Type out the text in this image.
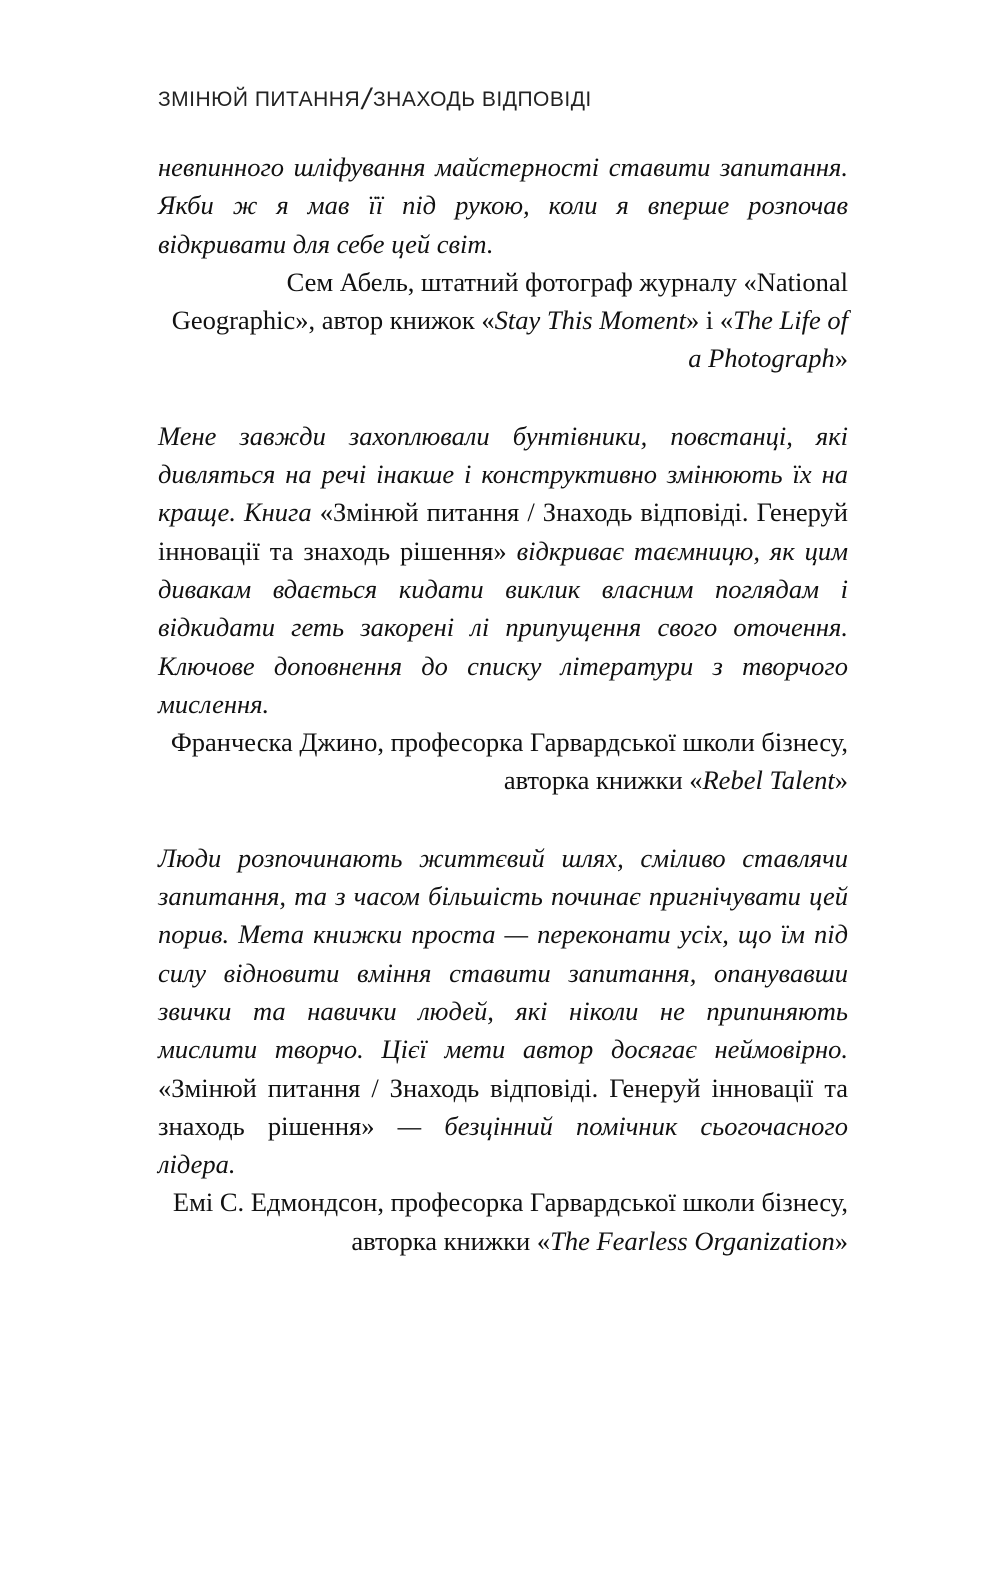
ЗМІНЮЙ ПИТАННЯ/ЗНАХОДЬ ВІДПОВІДІ

невпинного шліфування майстерності ставити запитання. Якби ж я мав її під рукою, коли я вперше розпочав відкривати для себе цей світ.

Сем Абель, штатний фотограф журналу «National Geographic», автор книжок «Stay This Moment» і «The Life of a Photograph»

Мене завжди захоплювали бунтівники, повстанці, які дивляться на речі інакше і конструктивно змінюють їх на краще. Книга «Змінюй питання / Знаходь відповіді. Генеруй інновації та знаходь рішення» відкриває таємницю, як цим дивакам вдається кидати виклик власним поглядам і відкидати геть закорені лі припущення свого оточення. Ключове доповнення до списку літератури з творчого мислення.

Франческа Джино, професорка Гарвардської школи бізнесу, авторка книжки «Rebel Talent»

Люди розпочинають життєвий шлях, сміливо ставлячи запитання, та з часом більшість починає пригнічувати цей порив. Мета книжки проста — переконати усіх, що їм під силу відновити вміння ставити запитання, опанувавши звички та навички людей, які ніколи не припиняють мислити творчо. Цієї мети автор досягає неймовірно. «Змінюй питання / Знаходь відповіді. Генеруй інновації та знаходь рішення» — безцінний помічник сьогочасного лідера.

Емі С. Едмондсон, професорка Гарвардської школи бізнесу, авторка книжки «The Fearless Organization»
